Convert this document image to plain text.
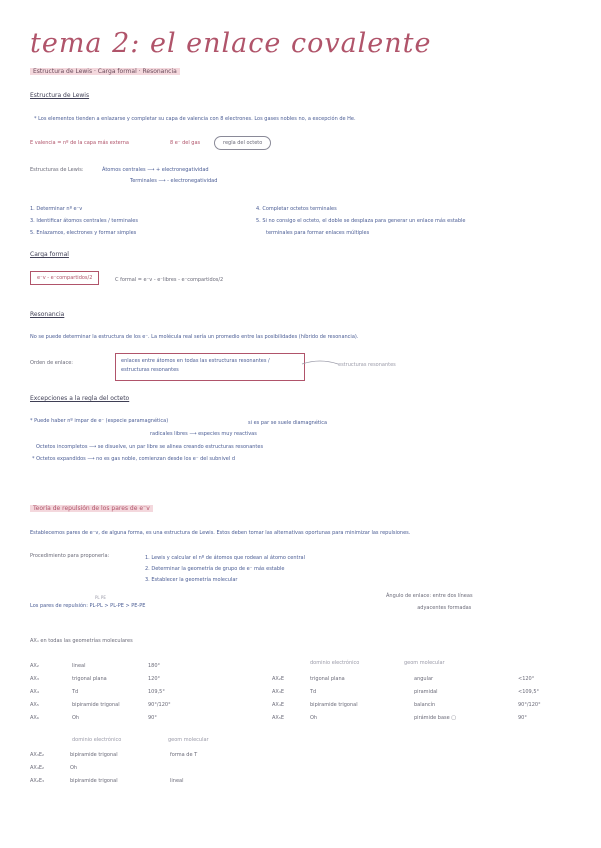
tema 2: el enlace covalente
Estructura de Lewis · Carga formal · Resonancia
Estructura de Lewis
* Los elementos tienden a enlazarse y completar su capa de valencia con 8 electrones. Los gases nobles no, a excepción de He.
E valencia = nº de la capa más externa	8 e⁻ del gas	regla del octeto
Estructuras de Lewis:	Átomos centrales ⟶ + electronegatividad
Terminales ⟶ - electronegatividad
1. Determinar nº e⁻v
3. Identificar átomos centrales / terminales
5. Enlazamos, electrones y formar simples
4. Completar octetos terminales
5. Si no consigo el octeto, el doble se desplaza para generar un enlace más estable
terminales para formar enlaces múltiples
Carga formal
e⁻v - e⁻compartidos/2	C formal = e⁻v - e⁻libres - e⁻compartidos/2
Resonancia
No se puede determinar la estructura de los e⁻. La molécula real sería un promedio entre las posibilidades (híbrido de resonancia).
Orden de enlace:	enlaces entre átomos en todas las estructuras resonantes / estructuras resonantes
estructuras resonantes
Excepciones a la regla del octeto
* Puede haber nº impar de e⁻ (especie paramagnética)	si es par se suele diamagnética
radicales libres ⟶ especies muy reactivas
Octetos incompletos ⟶ se disuelve, un par libre se alinea creando estructuras resonantes
* Octetos expandidos ⟶ no es gas noble, comienzan desde los e⁻ del subnivel d
Teoría de repulsión de los pares de e⁻v
Establecemos pares de e⁻v, de alguna forma, es una estructura de Lewis. Estos deben tomar las alternativas oportunas para minimizar las repulsiones.
Procedimiento para proponerla:	1. Lewis y calcular el nº de átomos que rodean al átomo central
2. Determinar la geometría de grupo de e⁻ más estable
3. Establecer la geometría molecular
Ángulo de enlace: entre dos líneas
adyacentes formadas
PL PE
Los pares de repulsión: PL-PL > PL-PE > PE-PE
AXₙ en todas las geometrías moleculares
AX₂	lineal	180°
AX₃	trigonal plana	120°
AX₄	Td	109,5°
AX₅	bipiramide trigonal	90°/120°
AX₆	Oh	90°
dominio electrónico	geom molecular
AX₂E	trigonal plana	angular	<120°
AX₃E	Td	piramidal	<109,5°
AX₄E	bipiramide trigonal	balancín	90°/120°
AX₅E	Oh	pirámide base ▢	90°
dominio electrónico	geom molecular
AX₃E₂	bipiramide trigonal	forma de T
AX₄E₂	Oh
AX₂E₃	bipiramide trigonal	lineal
